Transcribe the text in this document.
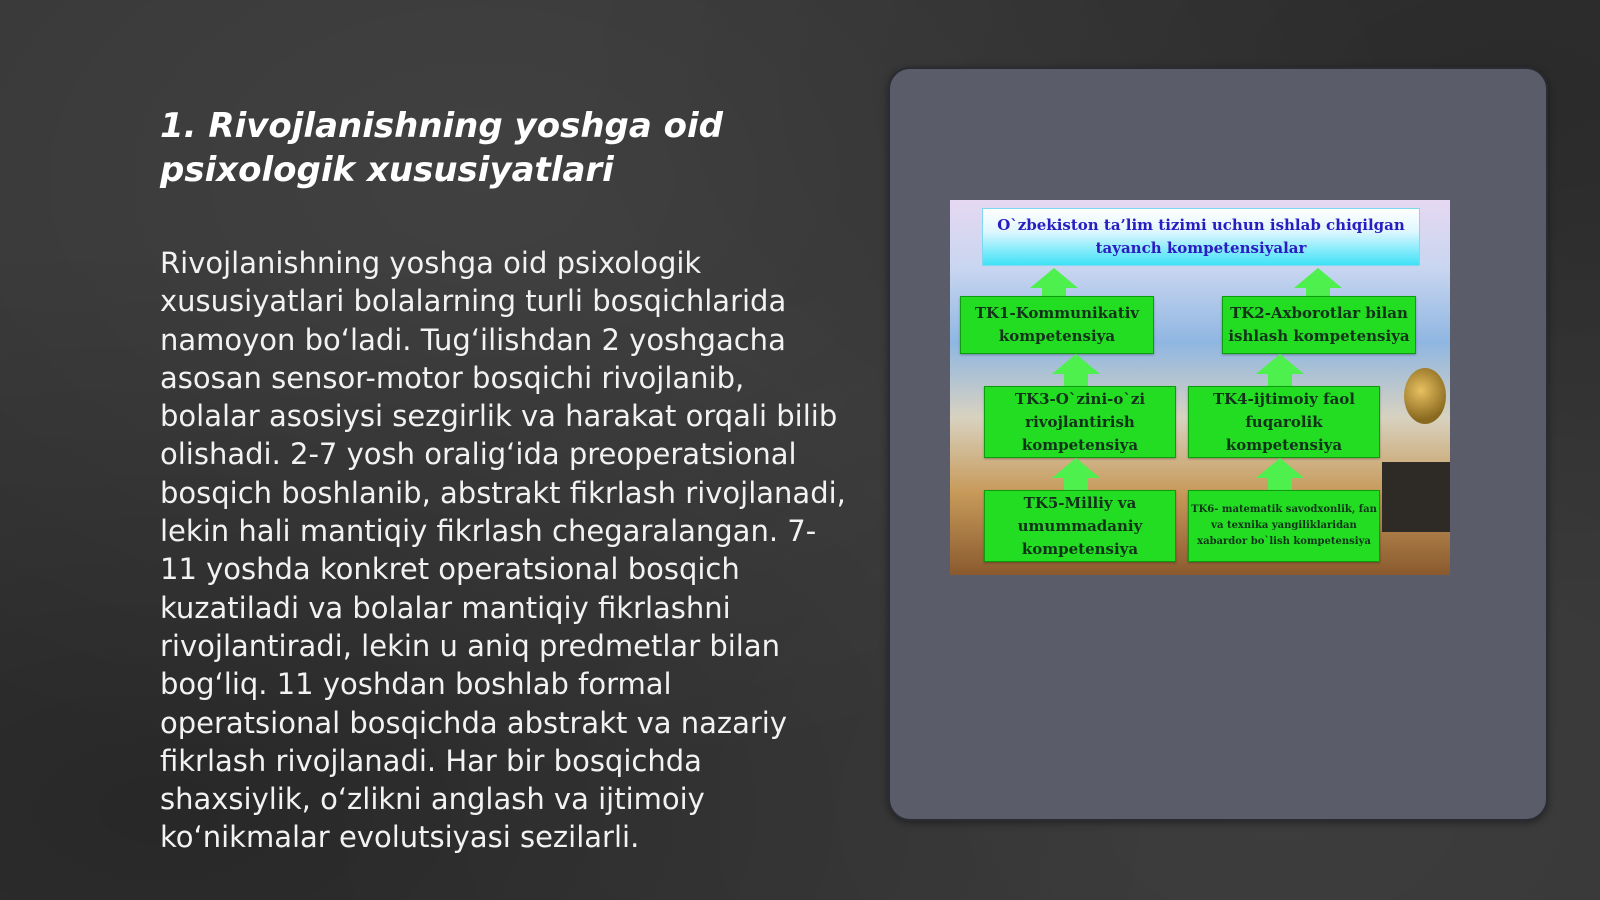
1. Rivojlanishning yoshga oid psixologik xususiyatlari

Rivojlanishning yoshga oid psixologik xususiyatlari bolalarning turli bosqichlarida namoyon boʻladi. Tugʻilishdan 2 yoshgacha asosan sensor-motor bosqichi rivojlanib, bolalar asosiysi sezgirlik va harakat orqali bilib olishadi. 2-7 yosh oraligʻida preoperatsional bosqich boshlanib, abstrakt fikrlash rivojlanadi, lekin hali mantiqiy fikrlash chegaralangan. 7-11 yoshda konkret operatsional bosqich kuzatiladi va bolalar mantiqiy fikrlashni rivojlantiradi, lekin u aniq predmetlar bilan bogʻliq. 11 yoshdan boshlab formal operatsional bosqichda abstrakt va nazariy fikrlash rivojlanadi. Har bir bosqichda shaxsiylik, oʻzlikni anglash va ijtimoiy koʻnikmalar evolutsiyasi sezilarli.

O`zbekiston ta’lim tizimi uchun ishlab chiqilgan tayanch kompetensiyalar
TK1-Kommunikativ kompetensiya
TK2-Axborotlar bilan ishlash kompetensiya
TK3-O`zini-o`zi rivojlantirish kompetensiya
TK4-ijtimoiy faol fuqarolik kompetensiya
TK5-Milliy va umummadaniy kompetensiya
TK6- matematik savodxonlik, fan va texnika yangiliklaridan xabardor bo`lish kompetensiya
